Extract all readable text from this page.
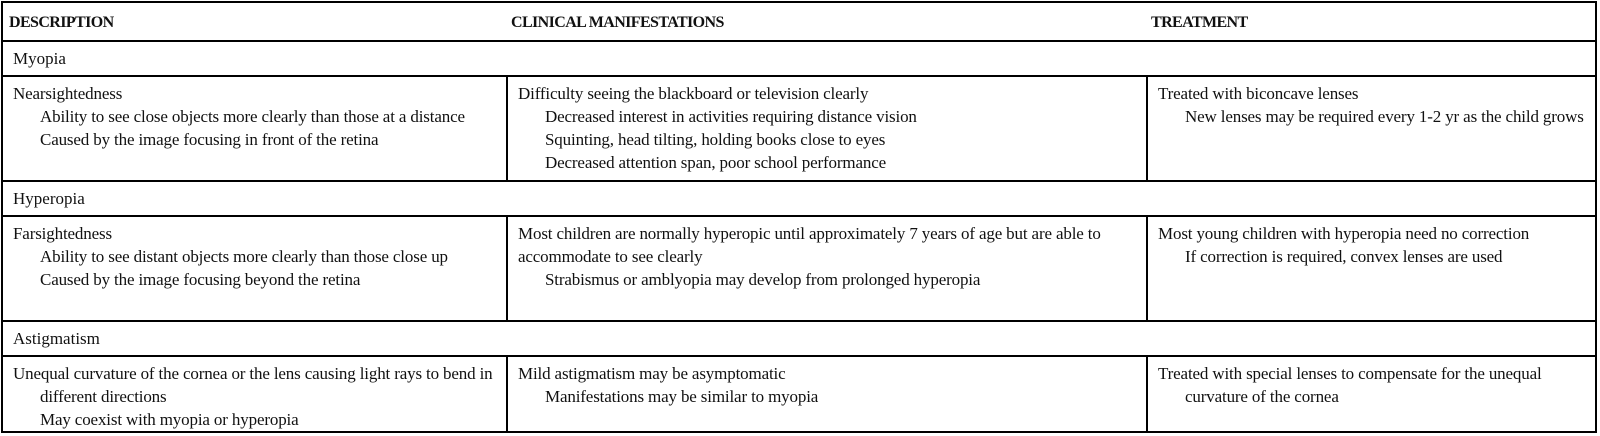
DESCRIPTION	CLINICAL MANIFESTATIONS	TREATMENT
Myopia
Nearsightedness
Ability to see close objects more clearly than those at a distance
Caused by the image focusing in front of the retina
Difficulty seeing the blackboard or television clearly
Decreased interest in activities requiring distance vision
Squinting, head tilting, holding books close to eyes
Decreased attention span, poor school performance
Treated with biconcave lenses
New lenses may be required every 1-2 yr as the child grows
Hyperopia
Farsightedness
Ability to see distant objects more clearly than those close up
Caused by the image focusing beyond the retina
Most children are normally hyperopic until approximately 7 years of age but are able to accommodate to see clearly
Strabismus or amblyopia may develop from prolonged hyperopia
Most young children with hyperopia need no correction
If correction is required, convex lenses are used
Astigmatism
Unequal curvature of the cornea or the lens causing light rays to bend in different directions
May coexist with myopia or hyperopia
Mild astigmatism may be asymptomatic
Manifestations may be similar to myopia
Treated with special lenses to compensate for the unequal curvature of the cornea
